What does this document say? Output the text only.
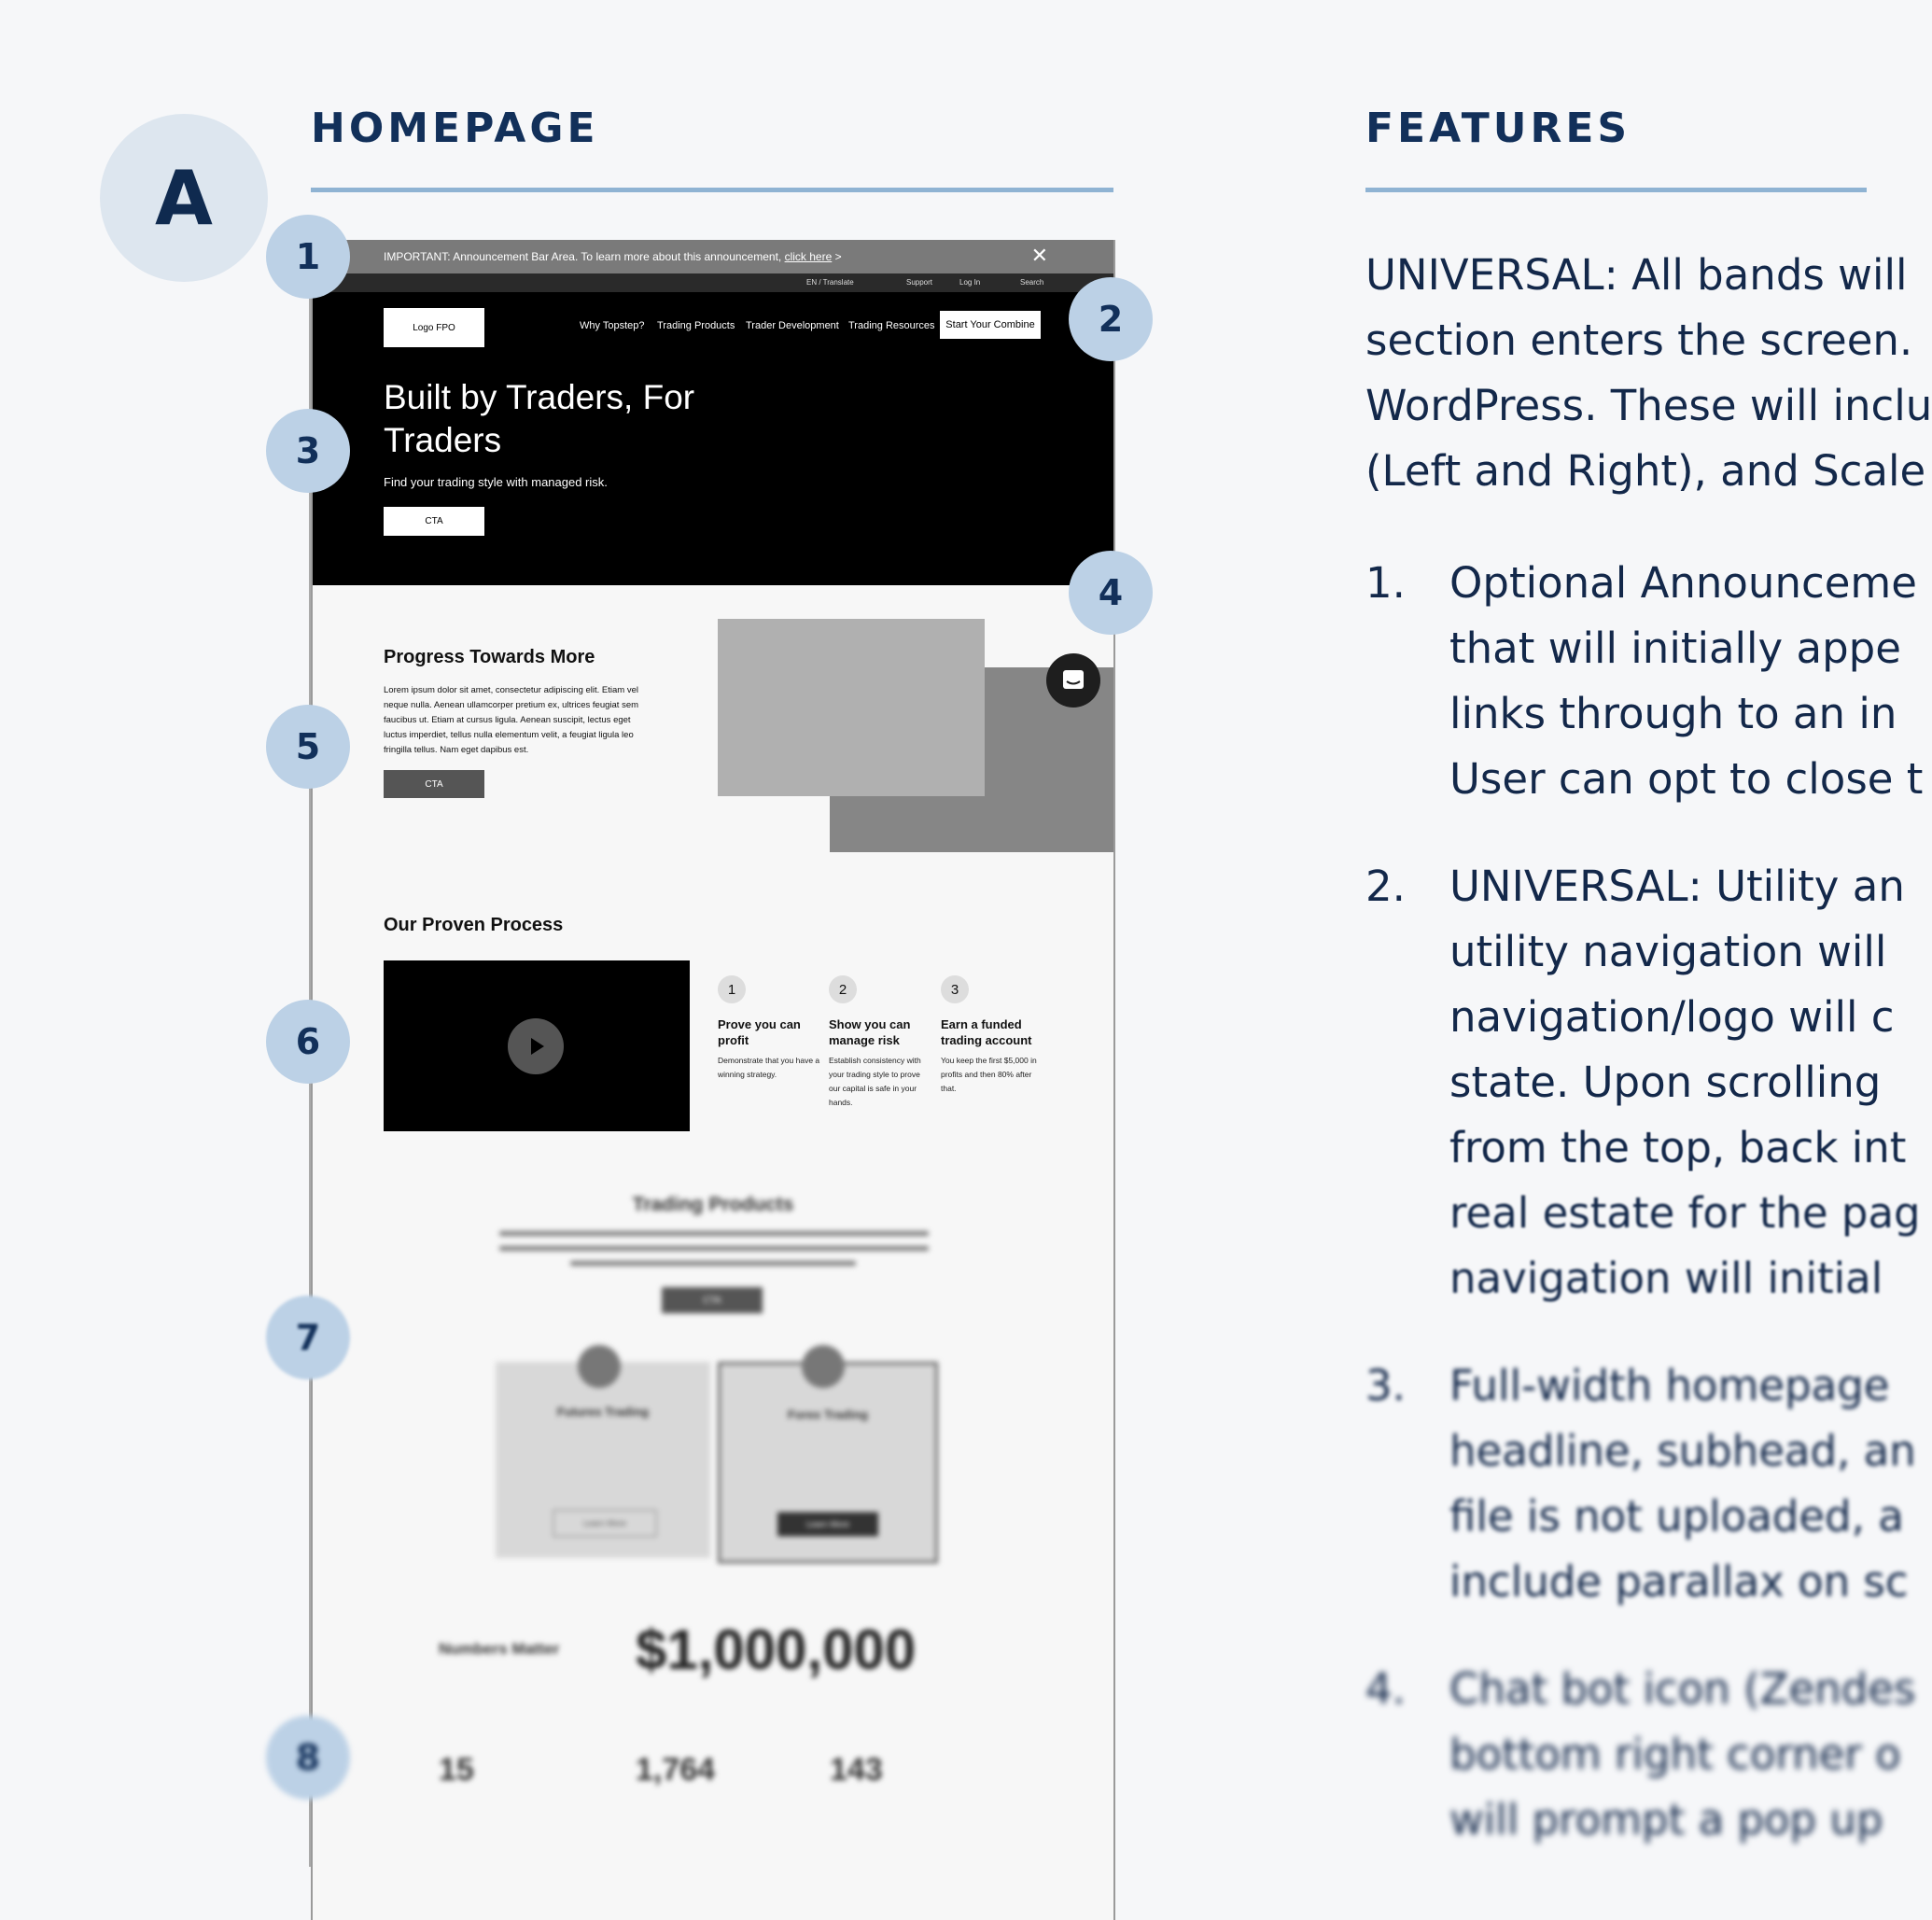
A
HOMEPAGE	FEATURES
IMPORTANT: Announcement Bar Area. To learn more about this announcement, click here >	✕
EN / Translate	Support	Log In	Search
Logo FPO	Why Topstep? Trading Products Trader Development Trading Resources	Start Your Combine
Built by Traders, For Traders
Find your trading style with managed risk.
CTA
Progress Towards More
Lorem ipsum dolor sit amet, consectetur adipiscing elit. Etiam vel neque nulla. Aenean ullamcorper pretium ex, ultrices feugiat sem faucibus ut. Etiam at cursus ligula. Aenean suscipit, lectus eget luctus imperdiet, tellus nulla elementum velit, a feugiat ligula leo fringilla tellus. Nam eget dapibus est.
CTA
Our Proven Process
1
Prove you can profit
Demonstrate that you have a winning strategy.
2
Show you can manage risk
Establish consistency with your trading style to prove our capital is safe in your hands.
3
Earn a funded trading account
You keep the first $5,000 in profits and then 80% after that.
Trading Products
CTA
Futures Trading
Learn More
Forex Trading
Learn More
Numbers Matter $1,000,000
15	1,764	143
1
2
3
4
5
6
7
8
UNIVERSAL: All bands will
section enters the screen.
WordPress. These will inclu
(Left and Right), and Scale
1.	Optional Announceme
that will initially appe
links through to an in
User can opt to close t
2.	UNIVERSAL: Utility an
utility navigation will
navigation/logo will c
state. Upon scrolling
from the top, back int
real estate for the pag
navigation will initial
3.	Full-width homepage
headline, subhead, an
file is not uploaded, a
include parallax on sc
4.	Chat bot icon (Zendes
bottom right corner o
will prompt a pop up
